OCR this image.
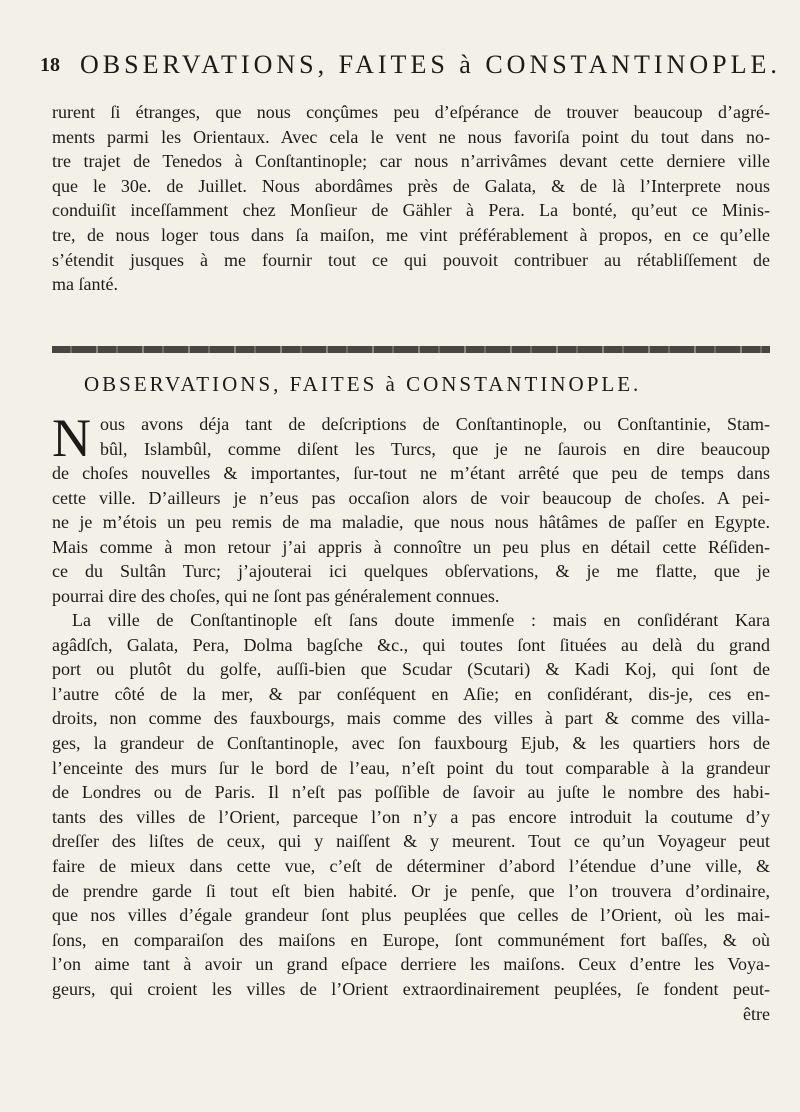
18 OBSERVATIONS, FAITES à CONSTANTINOPLE.
rurent ſi étranges, que nous conçûmes peu d’eſpérance de trouver beaucoup d’agré-
ments parmi les Orientaux. Avec cela le vent ne nous favoriſa point du tout dans no-
tre trajet de Tenedos à Conſtantinople; car nous n’arrivâmes devant cette derniere ville
que le 30e. de Juillet. Nous abordâmes près de Galata, & de là l’Interprete nous
conduiſit inceſſamment chez Monſieur de Gähler à Pera. La bonté, qu’eut ce Minis-
tre, de nous loger tous dans ſa maiſon, me vint préférablement à propos, en ce qu’elle
s’étendit jusques à me fournir tout ce qui pouvoit contribuer au rétabliſſement de
ma ſanté.
OBSERVATIONS, FAITES à CONSTANTINOPLE.
N ous avons déja tant de deſcriptions de Conſtantinople, ou Conſtantinie, Stam-
bûl, Islambûl, comme diſent les Turcs, que je ne ſaurois en dire beaucoup
de choſes nouvelles & importantes, ſur-tout ne m’étant arrêté que peu de temps dans
cette ville. D’ailleurs je n’eus pas occaſion alors de voir beaucoup de choſes. A pei-
ne je m’étois un peu remis de ma maladie, que nous nous hâtâmes de paſſer en Egypte.
Mais comme à mon retour j’ai appris à connoître un peu plus en détail cette Réſiden-
ce du Sultân Turc; j’ajouterai ici quelques obſervations, & je me flatte, que je
pourrai dire des choſes, qui ne ſont pas généralement connues.
La ville de Conſtantinople eſt ſans doute immenſe : mais en conſidérant Kara
agâdſch, Galata, Pera, Dolma bagſche &c., qui toutes ſont ſituées au delà du grand
port ou plutôt du golfe, auſſi-bien que Scudar (Scutari) & Kadi Koj, qui ſont de
l’autre côté de la mer, & par conſéquent en Aſie; en conſidérant, dis-je, ces en-
droits, non comme des fauxbourgs, mais comme des villes à part & comme des villa-
ges, la grandeur de Conſtantinople, avec ſon fauxbourg Ejub, & les quartiers hors de
l’enceinte des murs ſur le bord de l’eau, n’eſt point du tout comparable à la grandeur
de Londres ou de Paris. Il n’eſt pas poſſible de ſavoir au juſte le nombre des habi-
tants des villes de l’Orient, parceque l’on n’y a pas encore introduit la coutume d’y
dreſſer des liſtes de ceux, qui y naiſſent & y meurent. Tout ce qu’un Voyageur peut
faire de mieux dans cette vue, c’eſt de déterminer d’abord l’étendue d’une ville, &
de prendre garde ſi tout eſt bien habité. Or je penſe, que l’on trouvera d’ordinaire,
que nos villes d’égale grandeur ſont plus peuplées que celles de l’Orient, où les mai-
ſons, en comparaiſon des maiſons en Europe, ſont communément fort baſſes, & où
l’on aime tant à avoir un grand eſpace derriere les maiſons. Ceux d’entre les Voya-
geurs, qui croient les villes de l’Orient extraordinairement peuplées, ſe fondent peut-
être
